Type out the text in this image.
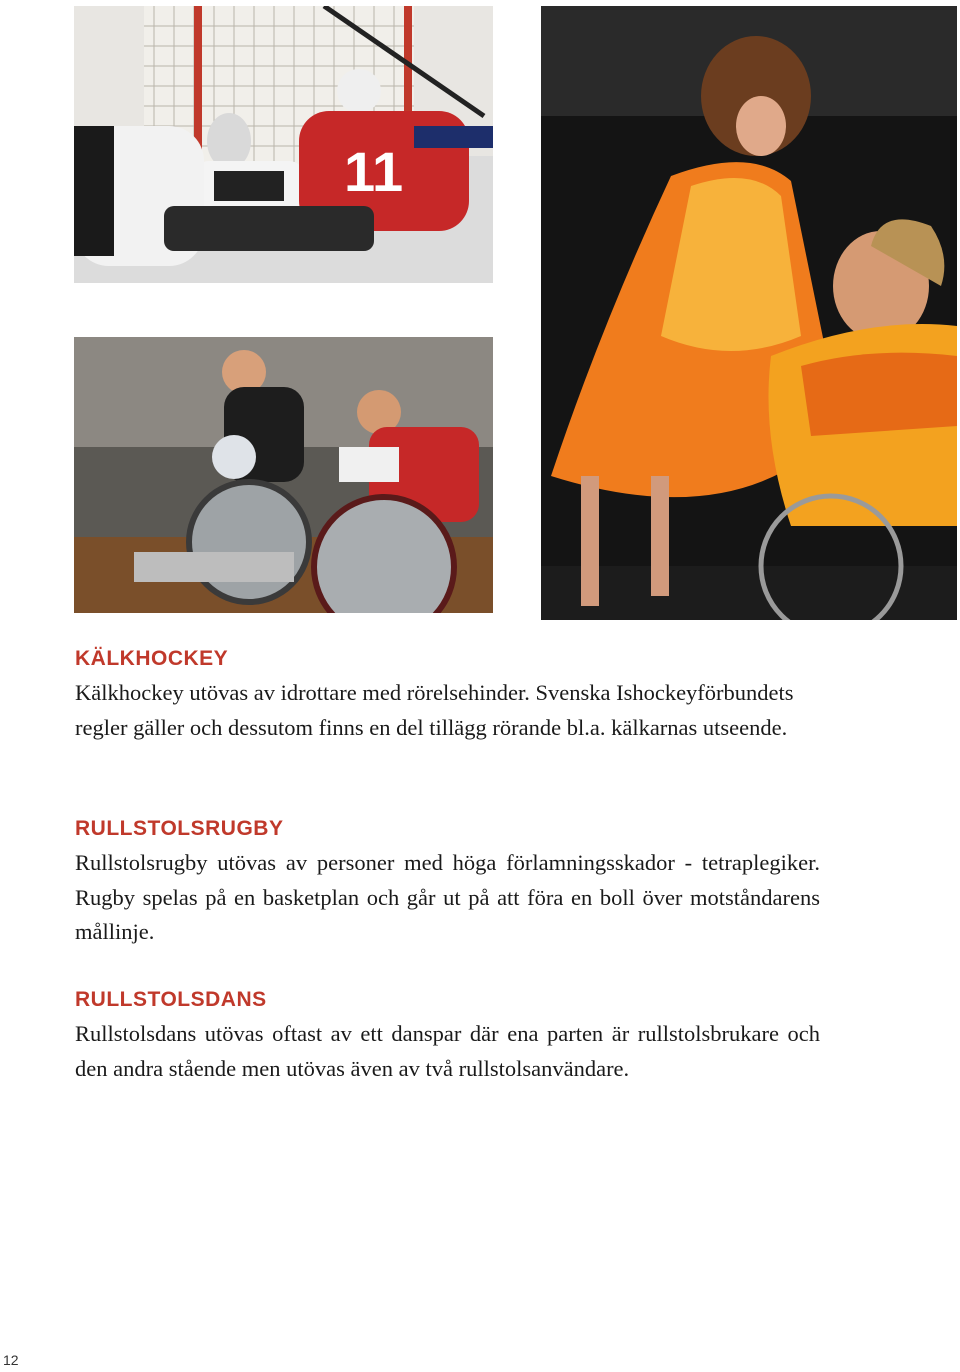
11
KÄLKHOCKEY

Kälkhockey utövas av idrottare med rörelsehinder. Svenska Ishockeyförbundets regler gäller och dessutom finns en del tillägg rörande bl.a. kälkarnas utseende.

RULLSTOLSRUGBY

Rullstolsrugby utövas av personer med höga förlamningsskador - tetraplegiker. Rugby spelas på en basketplan och går ut på att föra en boll över motståndarens mållinje.

RULLSTOLSDANS

Rullstolsdans utövas oftast av ett danspar där ena parten är rullstolsbrukare och den andra stående men utövas även av två rullstolsanvändare.

12
